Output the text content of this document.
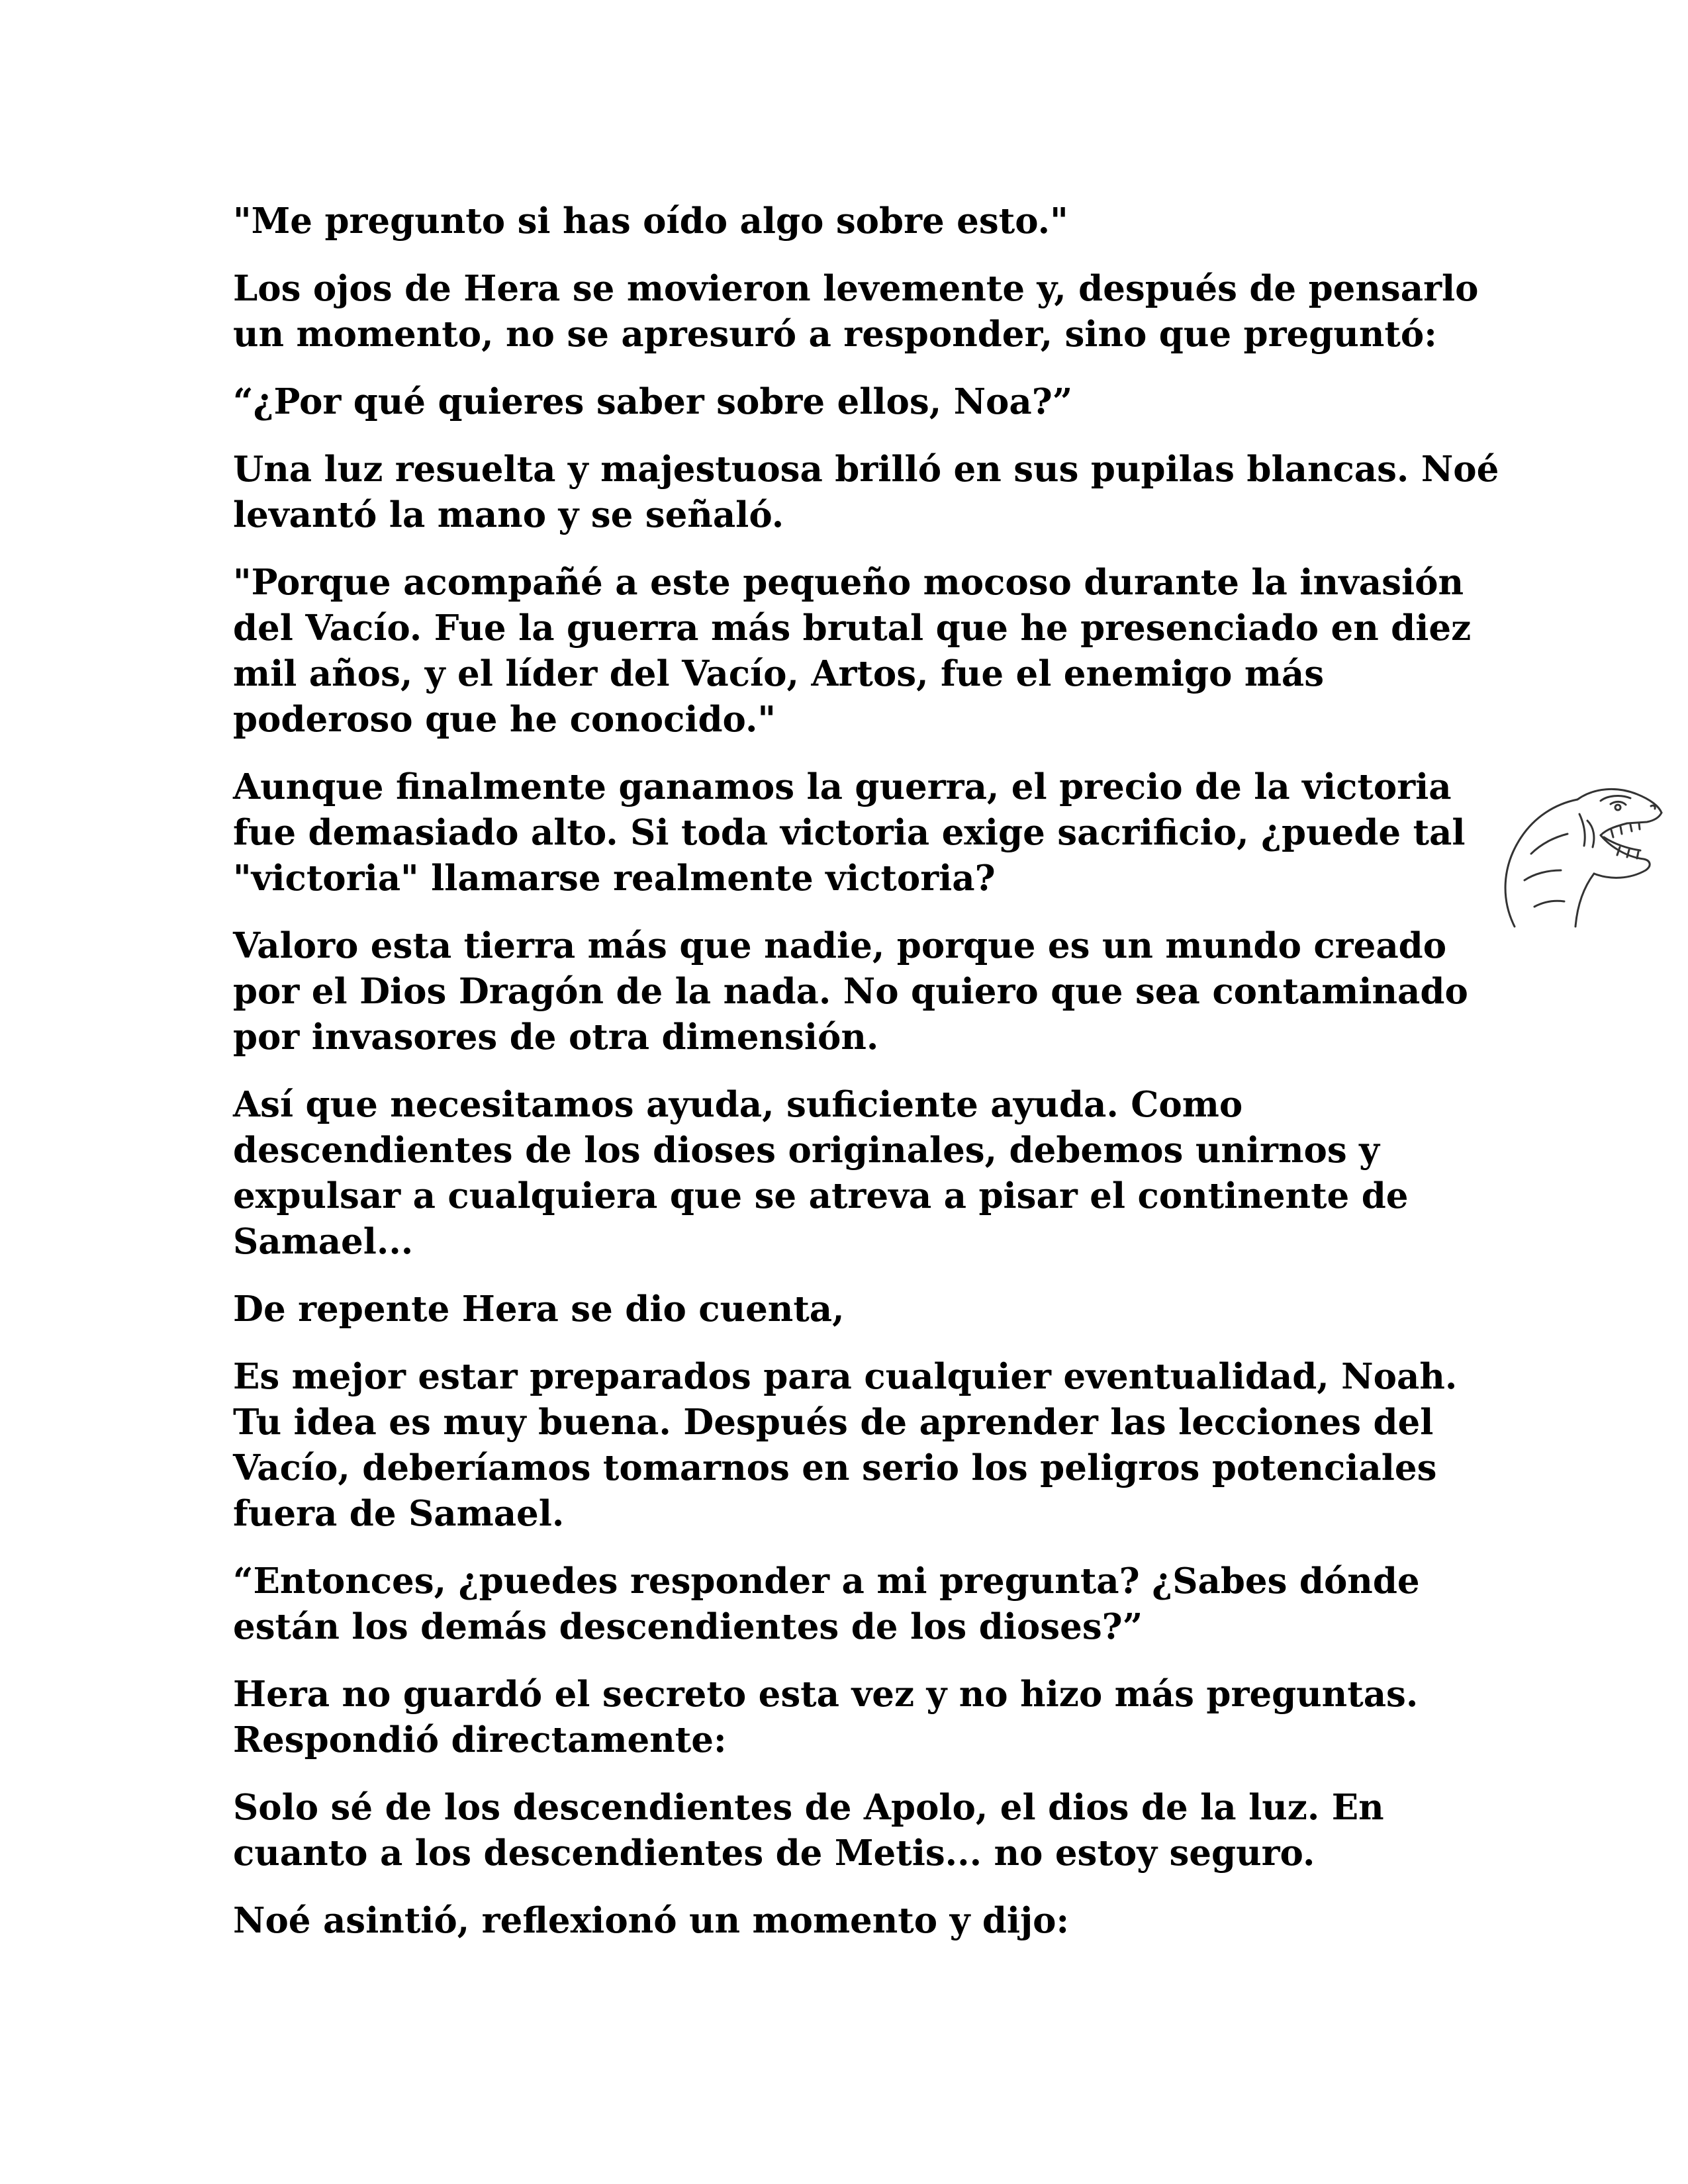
"Me pregunto si has oído algo sobre esto."

Los ojos de Hera se movieron levemente y, después de pensarlo un momento, no se apresuró a responder, sino que preguntó:

“¿Por qué quieres saber sobre ellos, Noa?”

Una luz resuelta y majestuosa brilló en sus pupilas blancas. Noé levantó la mano y se señaló.

"Porque acompañé a este pequeño mocoso durante la invasión del Vacío. Fue la guerra más brutal que he presenciado en diez mil años, y el líder del Vacío, Artos, fue el enemigo más poderoso que he conocido."

Aunque finalmente ganamos la guerra, el precio de la victoria fue demasiado alto. Si toda victoria exige sacrificio, ¿puede tal "victoria" llamarse realmente victoria?

Valoro esta tierra más que nadie, porque es un mundo creado por el Dios Dragón de la nada. No quiero que sea contaminado por invasores de otra dimensión.

Así que necesitamos ayuda, suficiente ayuda. Como descendientes de los dioses originales, debemos unirnos y expulsar a cualquiera que se atreva a pisar el continente de Samael...

De repente Hera se dio cuenta,

Es mejor estar preparados para cualquier eventualidad, Noah. Tu idea es muy buena. Después de aprender las lecciones del Vacío, deberíamos tomarnos en serio los peligros potenciales fuera de Samael.

“Entonces, ¿puedes responder a mi pregunta? ¿Sabes dónde están los demás descendientes de los dioses?”

Hera no guardó el secreto esta vez y no hizo más preguntas. Respondió directamente:

Solo sé de los descendientes de Apolo, el dios de la luz. En cuanto a los descendientes de Metis... no estoy seguro.

Noé asintió, reflexionó un momento y dijo:
